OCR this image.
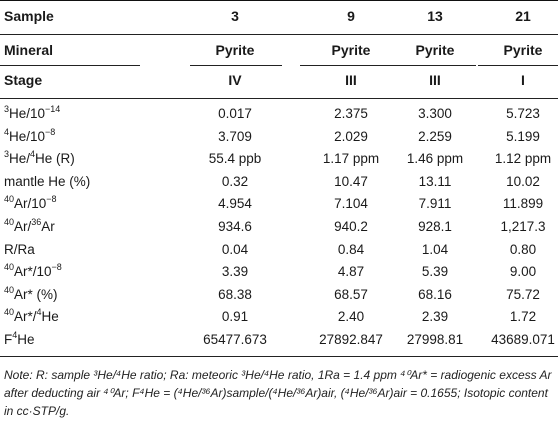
Sample	3	9	13	21
Mineral	Pyrite	Pyrite	Pyrite	Pyrite
Stage	IV	III	III	I
$^3He/10^{-14}$	0.017	2.375	3.300	5.723
$^4He/10^{-8}$	3.709	2.029	2.259	5.199
$^3$He/$^4$He (R)	55.4 ppb	1.17 ppm	1.46 ppm	1.12 ppm
mantle He (%)	0.32	10.47	13.11	10.02
$^{40}Ar/10^{-8}$	4.954	7.104	7.911	11.899
$^{40}$Ar/$^{36}$Ar	934.6	940.2	928.1	1,217.3
R/Ra	0.04	0.84	1.04	0.80
$^{40}Ar*/10^{-8}$	3.39	4.87	5.39	9.00
$^{40}$Ar* (%)	68.38	68.57	68.16	75.72
$^{40}$Ar*/$^4$He	0.91	2.40	2.39	1.72
$F^4He$	65477.673	27892.847	27998.81	43689.071
Note: R: sample ³He/⁴He ratio; Ra: meteoric ³He/⁴He ratio, 1Ra = 1.4 ppm ⁴⁰Ar* = radiogenic excess Ar after deducting air ⁴⁰Ar; F⁴He = (⁴He/³⁶Ar)sample/(⁴He/³⁶Ar)air, (⁴He/³⁶Ar)air = 0.1655; Isotopic content in cc·STP/g.
